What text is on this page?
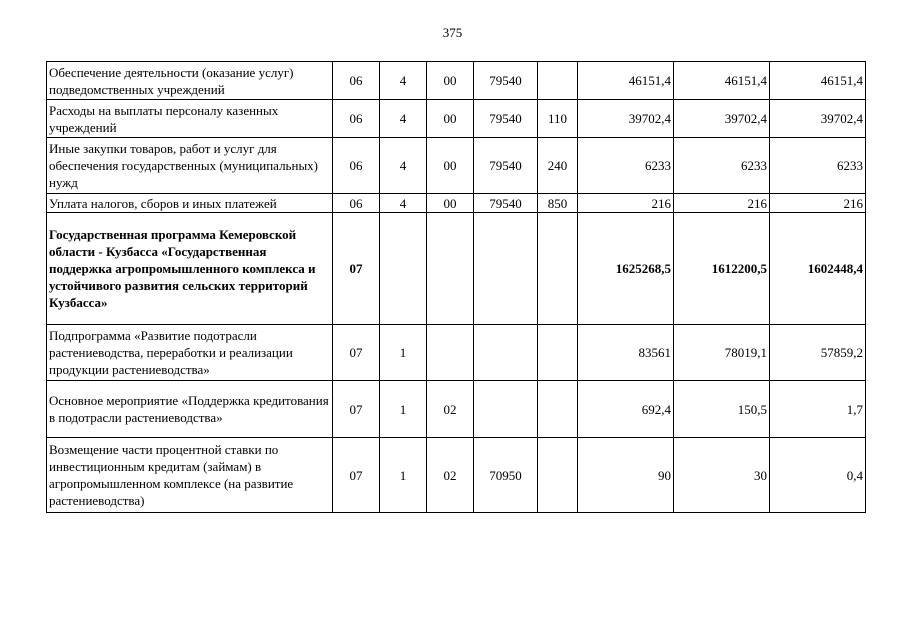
375
Обеспечение деятельности (оказание услуг) подведомственных учреждений	06	4	00	79540		46151,4	46151,4	46151,4
Расходы на выплаты персоналу казенных учреждений	06	4	00	79540	110	39702,4	39702,4	39702,4
Иные закупки товаров, работ и услуг для обеспечения государственных (муниципальных) нужд	06	4	00	79540	240	6233	6233	6233
Уплата налогов, сборов и иных платежей	06	4	00	79540	850	216	216	216
Государственная программа Кемеровской области - Кузбасса «Государственная поддержка агропромышленного комплекса и устойчивого развития сельских территорий Кузбасса»	07					1625268,5	1612200,5	1602448,4
Подпрограмма «Развитие подотрасли растениеводства, переработки и реализации продукции растениеводства»	07	1				83561	78019,1	57859,2
Основное мероприятие «Поддержка кредитования в подотрасли растениеводства»	07	1	02			692,4	150,5	1,7
Возмещение части процентной ставки по инвестиционным кредитам (займам) в агропромышленном комплексе (на развитие растениеводства)	07	1	02	70950		90	30	0,4
